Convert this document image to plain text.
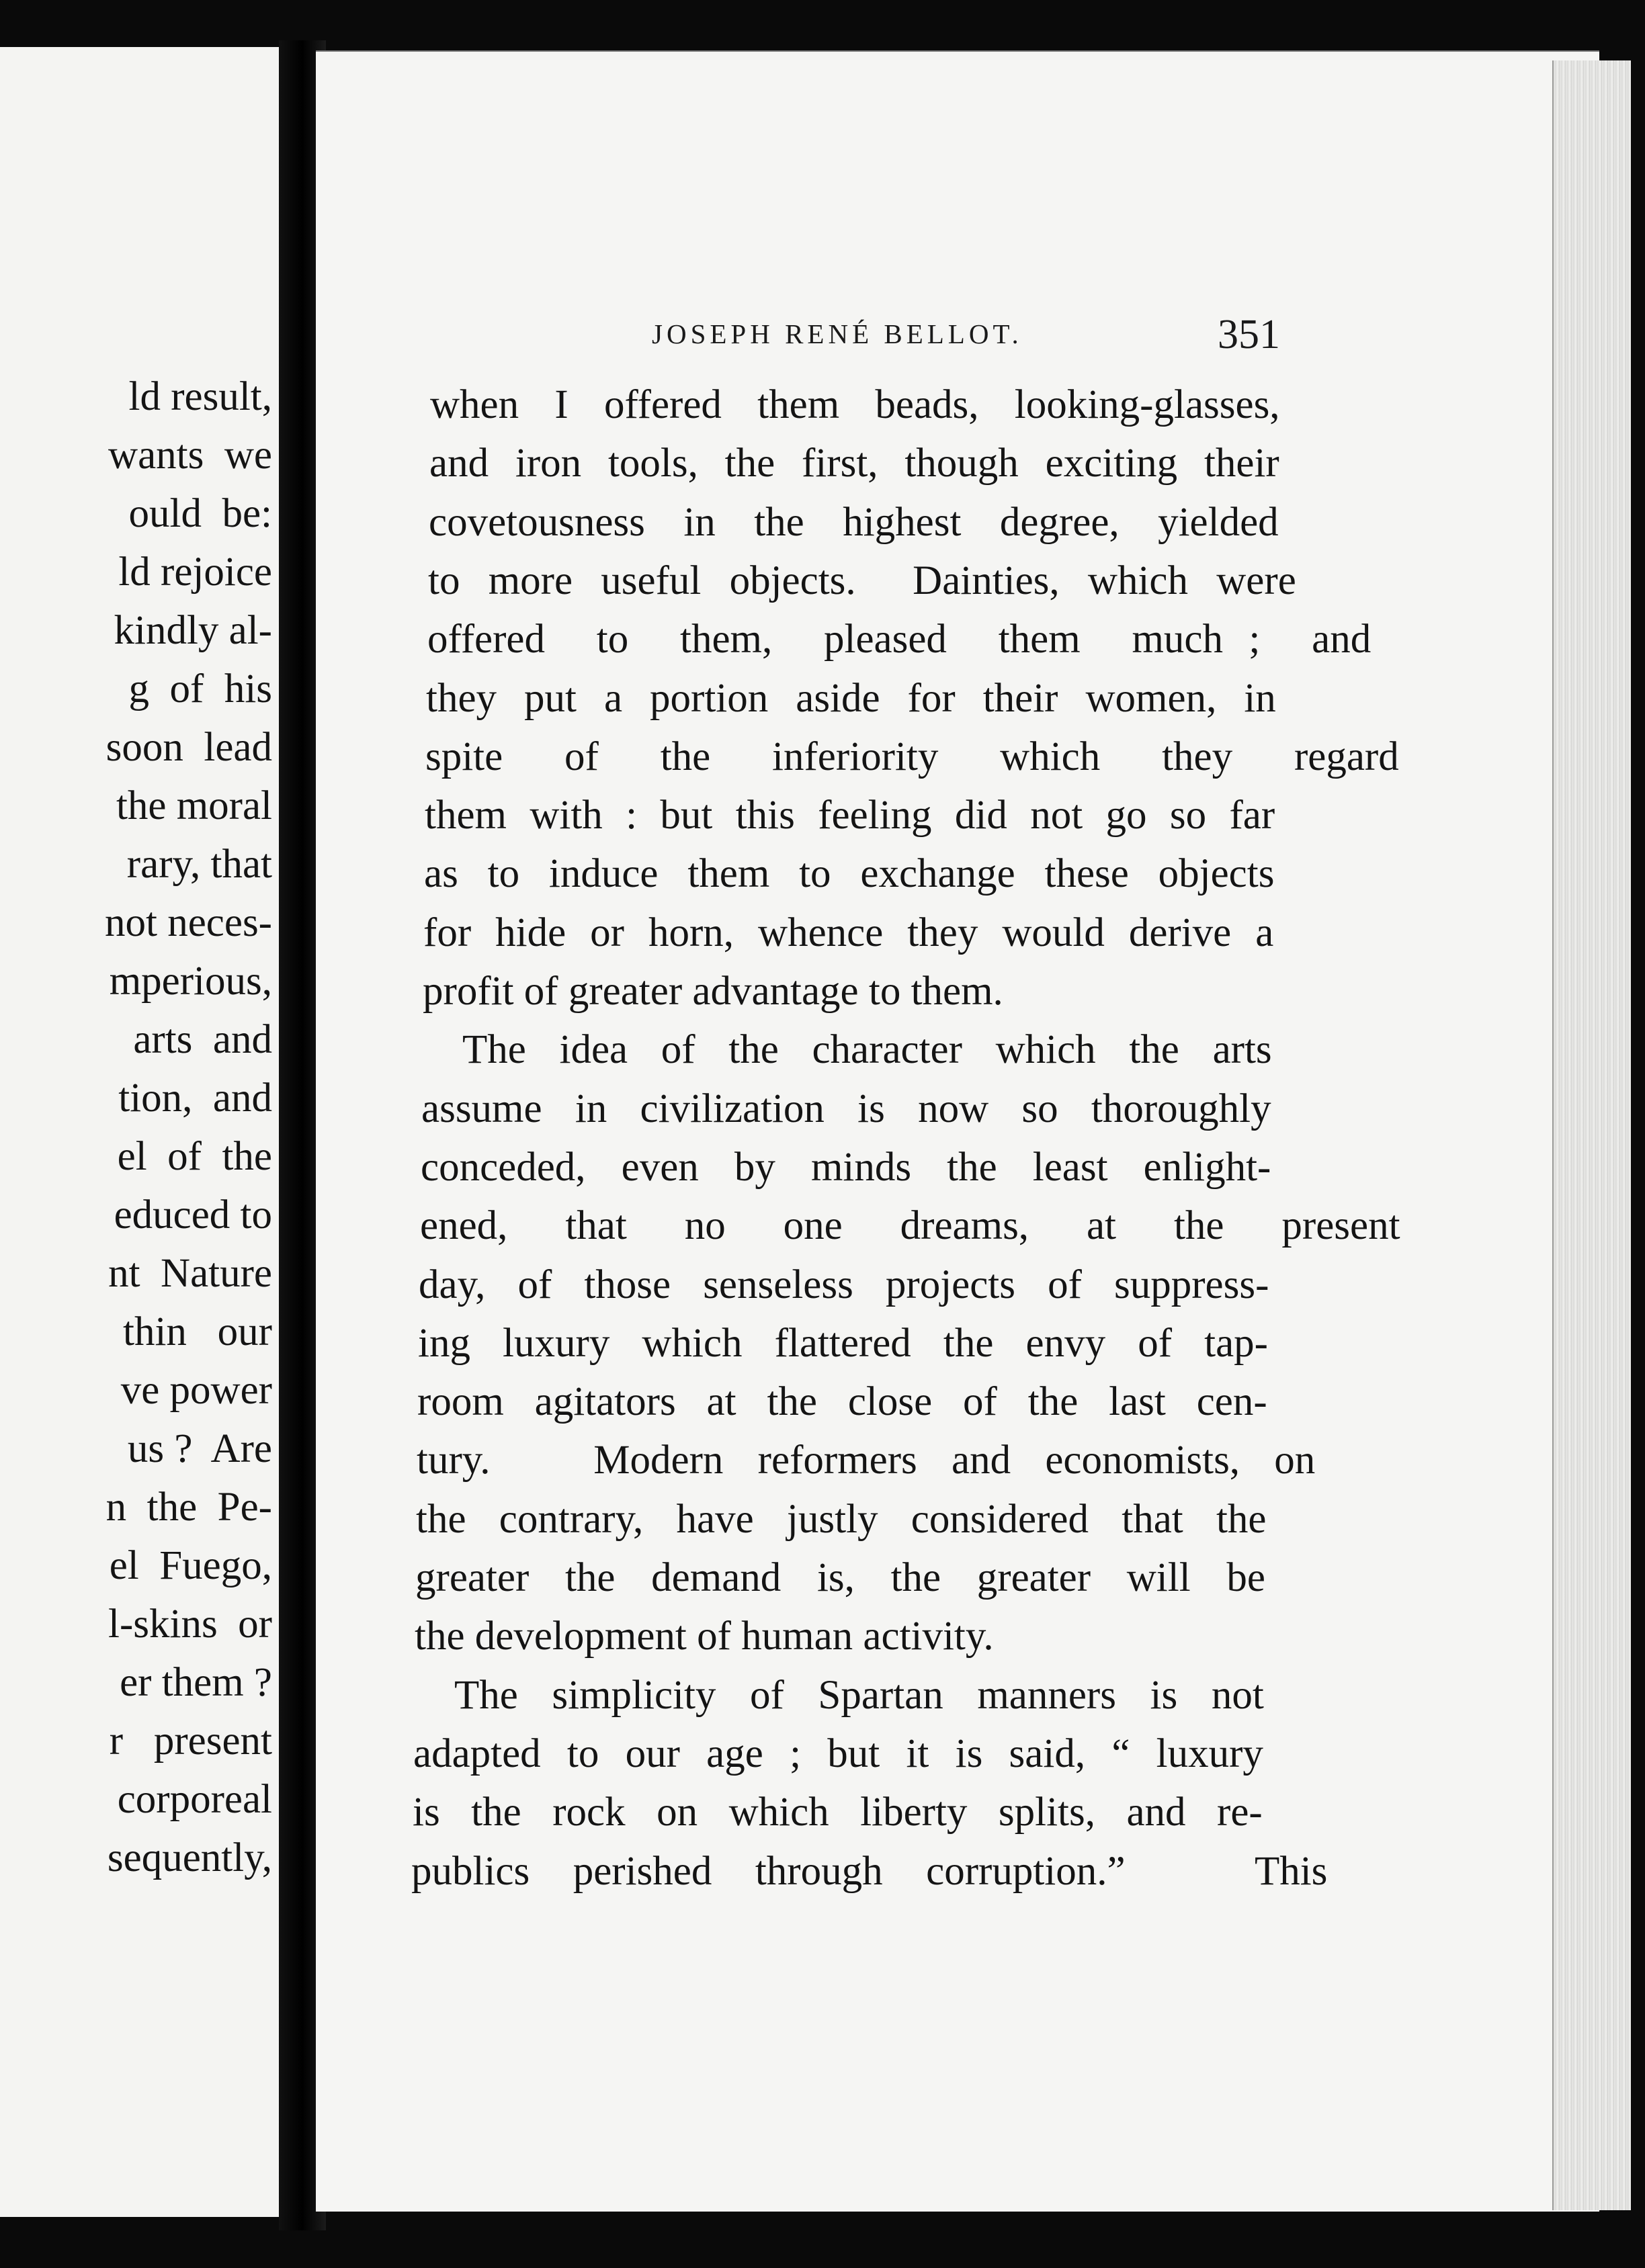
ld result,
wants  we
ould  be:
ld rejoice
kindly al-
g  of  his
soon  lead
the moral
rary, that
not neces-
mperious,
arts  and
tion,  and
el  of  the
educed to
nt  Nature
thin   our
ve power
us ?  Are
n  the  Pe-
el  Fuego,
l-skins  or
er them ?
r   present
corporeal
sequently,
JOSEPH RENÉ BELLOT.	351
when I offered them beads, looking-glasses,
and iron tools, the first, though exciting their
covetousness in the highest degree, yielded
to more useful objects.  Dainties, which were
offered  to  them,  pleased  them  much ;  and
they put a portion aside for their women, in
spite  of  the  inferiority  which  they  regard
them with : but this feeling did not go so far
as to induce them to exchange these objects
for hide or horn, whence they would derive a
profit of greater advantage to them.
The idea of the character which the arts
assume in civilization is now so thoroughly
conceded, even by minds the least enlight-
ened,  that  no  one  dreams,  at  the  present
day, of those senseless projects of suppress-
ing luxury which flattered the envy of tap-
room agitators at the close of the last cen-
tury.   Modern reformers and economists, on
the contrary, have justly considered that the
greater the demand is, the greater will be
the development of human activity.
The simplicity of Spartan manners is not
adapted to our age ; but it is said, “ luxury
is the rock on which liberty splits, and re-
publics perished through corruption.”   This
